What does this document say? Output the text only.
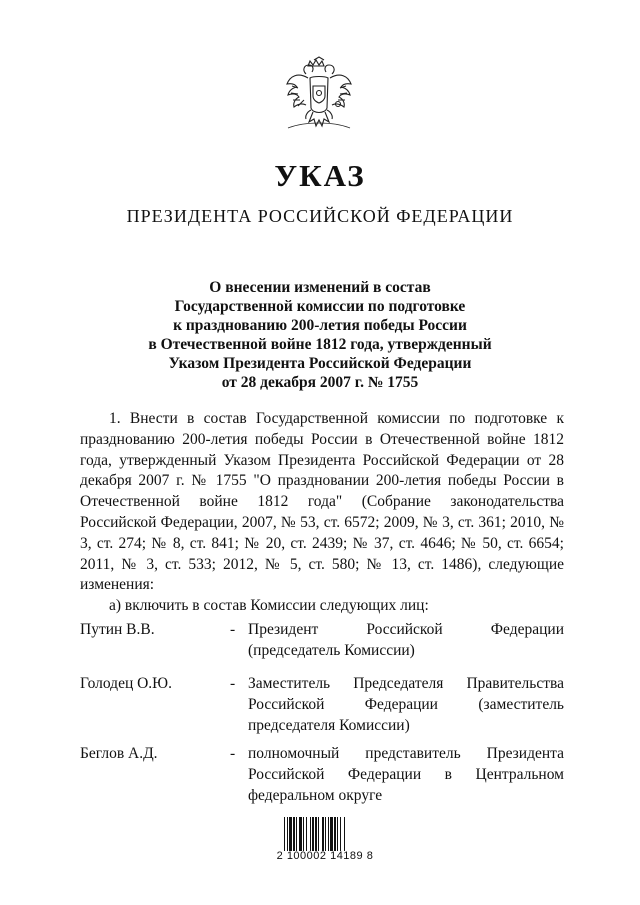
УКАЗ
ПРЕЗИДЕНТА РОССИЙСКОЙ ФЕДЕРАЦИИ
О внесении изменений в состав
Государственной комиссии по подготовке
к празднованию 200-летия победы России
в Отечественной войне 1812 года, утвержденный
Указом Президента Российской Федерации
от 28 декабря 2007 г. № 1755

1. Внести в состав Государственной комиссии по подготовке к празднованию 200-летия победы России в Отечественной войне 1812 года, утвержденный Указом Президента Российской Федерации от 28 декабря 2007 г. № 1755 "О праздновании 200-летия победы России в Отечественной войне 1812 года" (Собрание законодательства Российской Федерации, 2007, № 53, ст. 6572; 2009, № 3, ст. 361; 2010, № 3, ст. 274; № 8, ст. 841; № 20, ст. 2439; № 37, ст. 4646; № 50, ст. 6654; 2011, № 3, ст. 533; 2012, № 5, ст. 580; № 13, ст. 1486), следующие изменения:

а) включить в состав Комиссии следующих лиц:

Путин В.В.	- Президент Российской Федерации (председатель Комиссии)
Голодец О.Ю.	- Заместитель Председателя Правительства Российской Федерации (заместитель председателя Комиссии)
Беглов А.Д.	- полномочный представитель Президента Российской Федерации в Центральном федеральном округе
2 100002 14189 8
